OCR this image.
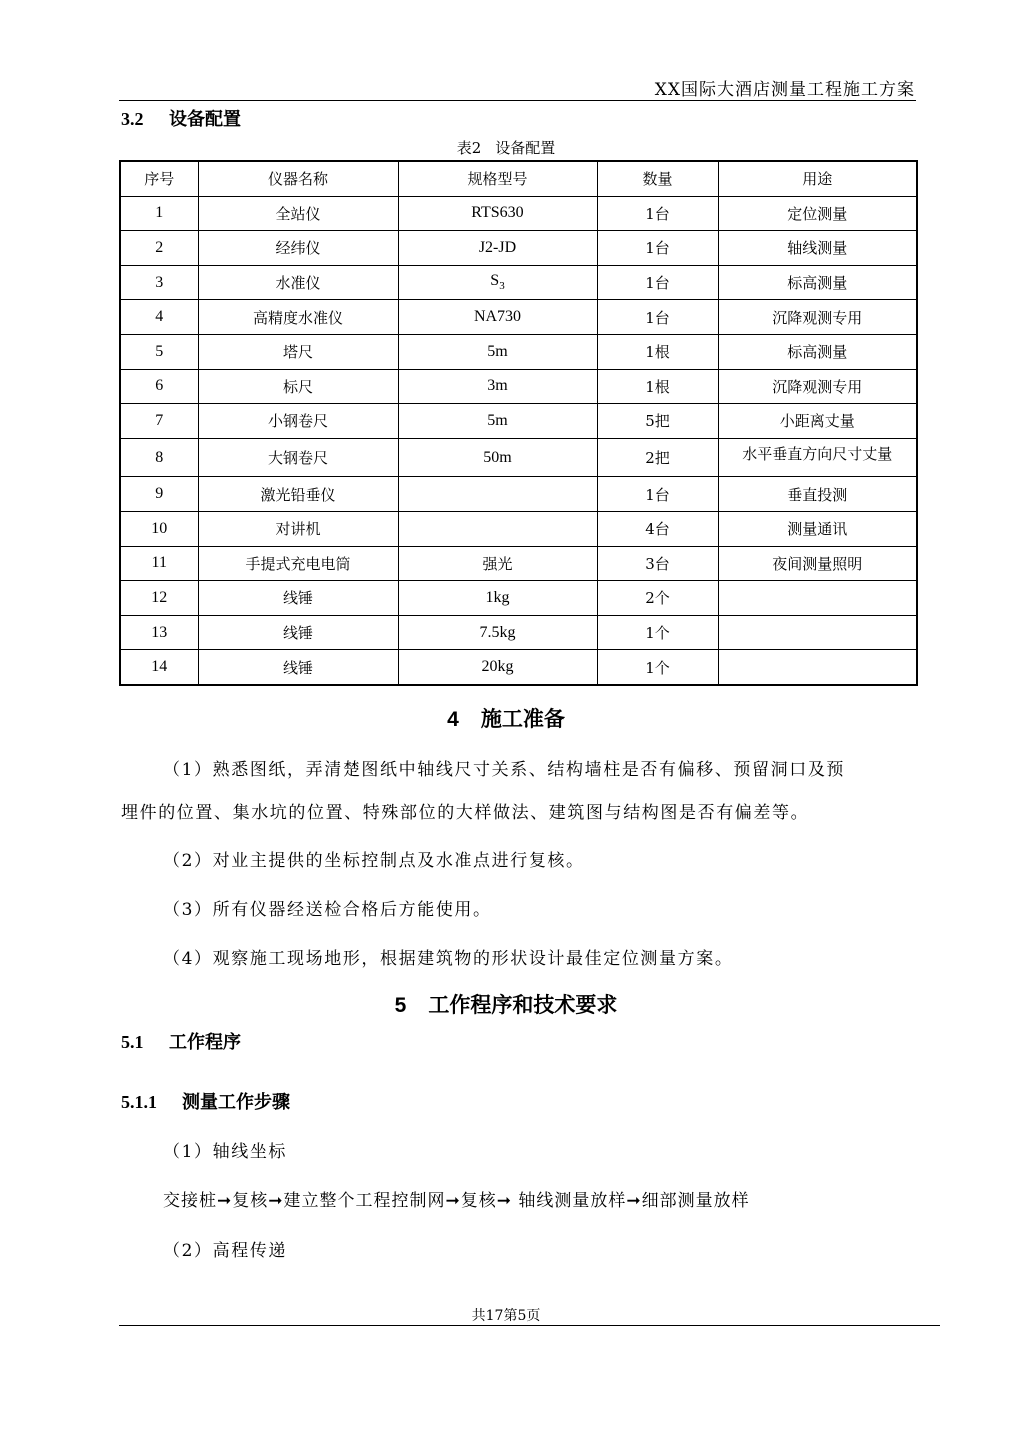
XX国际大酒店测量工程施工方案
3.2 设备配置
表2 设备配置
序号	仪器名称	规格型号	数量	用途
1	全站仪	RTS630	1台	定位测量
2	经纬仪	J2-JD	1台	轴线测量
3	水准仪	$S_3$	1台	标高测量
4	高精度水准仪	NA730	1台	沉降观测专用
5	塔尺	5m	1根	标高测量
6	标尺	3m	1根	沉降观测专用
7	小钢卷尺	5m	5把	小距离丈量
8	大钢卷尺	50m	2把	水平垂直方向尺寸丈量
9	激光铅垂仪		1台	垂直投测
10	对讲机		4台	测量通讯
11	手提式充电电筒	强光	3台	夜间测量照明
12	线锤	1kg	2个	
13	线锤	7.5kg	1个	
14	线锤	20kg	1个	
4 施工准备
（1）熟悉图纸，弄清楚图纸中轴线尺寸关系、结构墙柱是否有偏移、预留洞口及预
埋件的位置、集水坑的位置、特殊部位的大样做法、建筑图与结构图是否有偏差等。
（2）对业主提供的坐标控制点及水准点进行复核。
（3）所有仪器经送检合格后方能使用。
（4）观察施工现场地形，根据建筑物的形状设计最佳定位测量方案。
5 工作程序和技术要求
5.1 工作程序
5.1.1 测量工作步骤
（1）轴线坐标
交接桩➞复核➞建立整个工程控制网➞复核➞ 轴线测量放样➞细部测量放样
（2）高程传递
共17第5页
